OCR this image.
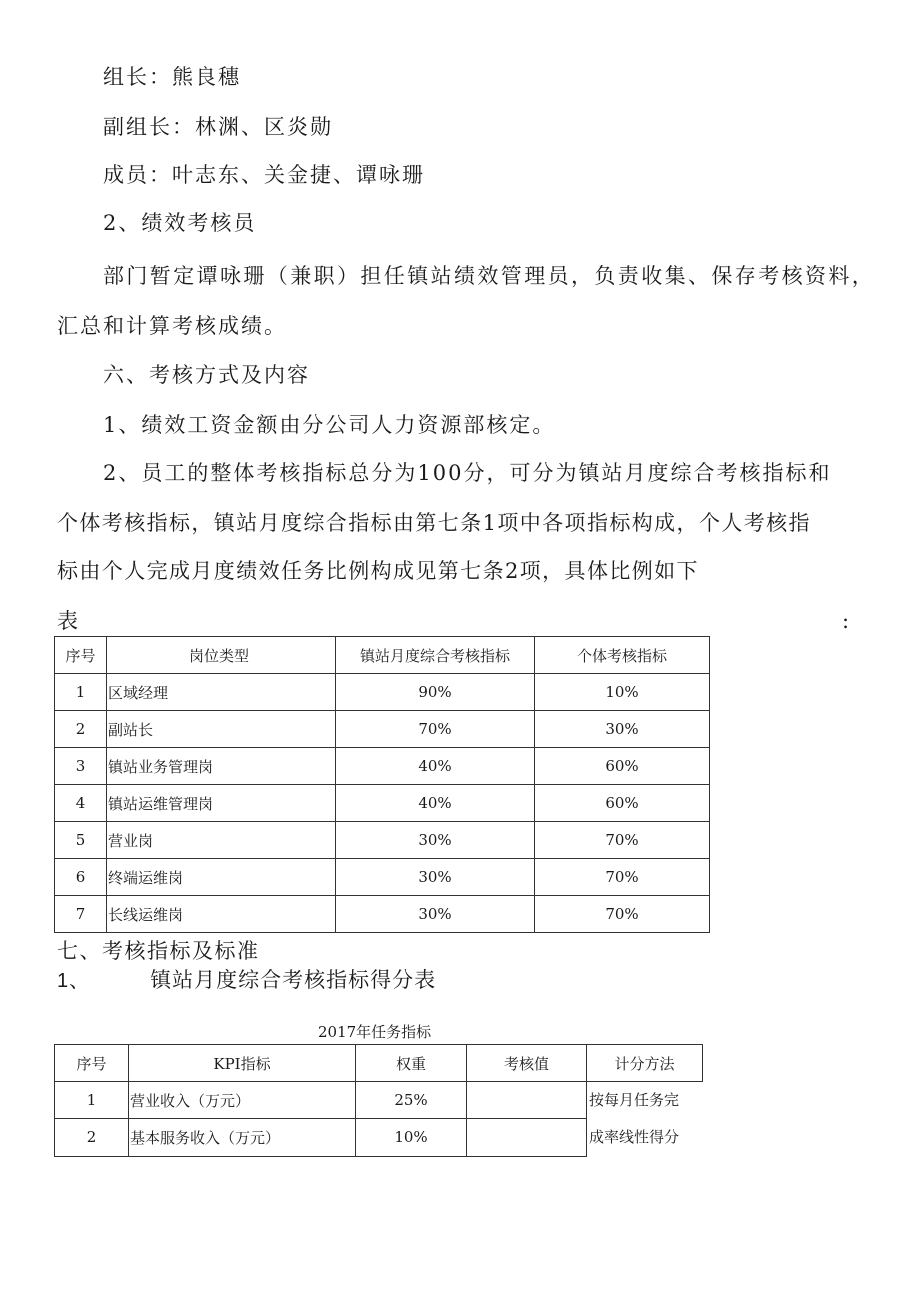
组长：熊良穗
副组长：林渊、区炎勋
成员：叶志东、关金捷、谭咏珊
2、绩效考核员
部门暂定谭咏珊（兼职）担任镇站绩效管理员，负责收集、保存考核资料，
汇总和计算考核成绩。
六、考核方式及内容
1、绩效工资金额由分公司人力资源部核定。
2、员工的整体考核指标总分为100分，可分为镇站月度综合考核指标和
个体考核指标，镇站月度综合指标由第七条1项中各项指标构成，个人考核指
标由个人完成月度绩效任务比例构成见第七条2项，具体比例如下
表	:
序号	岗位类型	镇站月度综合考核指标	个体考核指标
1	区域经理	90%	10%
2	副站长	70%	30%
3	镇站业务管理岗	40%	60%
4	镇站运维管理岗	40%	60%
5	营业岗	30%	70%
6	终端运维岗	30%	70%
7	长线运维岗	30%	70%
七、考核指标及标准
1、	镇站月度综合考核指标得分表
2017年任务指标
序号	KPI指标	权重	考核值	计分方法
1	营业收入（万元）	25%		按每月任务完
成率线性得分

2	基本服务收入（万元）	10%		
